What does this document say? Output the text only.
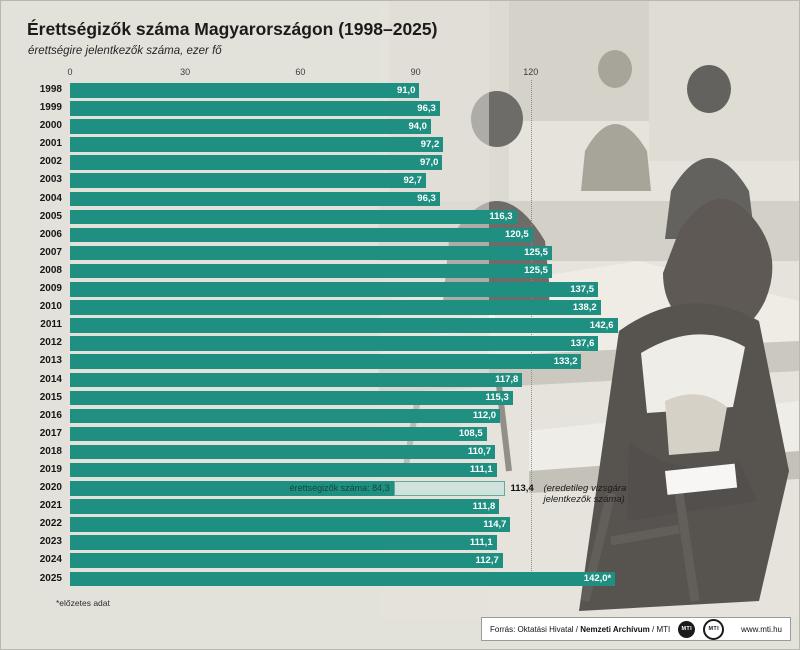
Érettségizők száma Magyarországon (1998–2025)
érettségire jelentkezők száma, ezer fő
0	30	60	90	120
1998	91,0
1999	96,3
2000	94,0
2001	97,2
2002	97,0
2003	92,7
2004	96,3
2005	116,3
2006	120,5
2007	125,5
2008	125,5
2009	137,5
2010	138,2
2011	142,6
2012	137,6
2013	133,2
2014	117,8
2015	115,3
2016	112,0
2017	108,5
2018	110,7
2019	111,1
2020	érettségizők száma: 84,3	113,4 (eredetileg vizsgára jelentkezők száma)
2021	111,8
2022	114,7
2023	111,1
2024	112,7
2025	142,0*
*előzetes adat
Forrás: Oktatási Hivatal / Nemzeti Archívum / MTI	MTI	MTI	www.mti.hu
